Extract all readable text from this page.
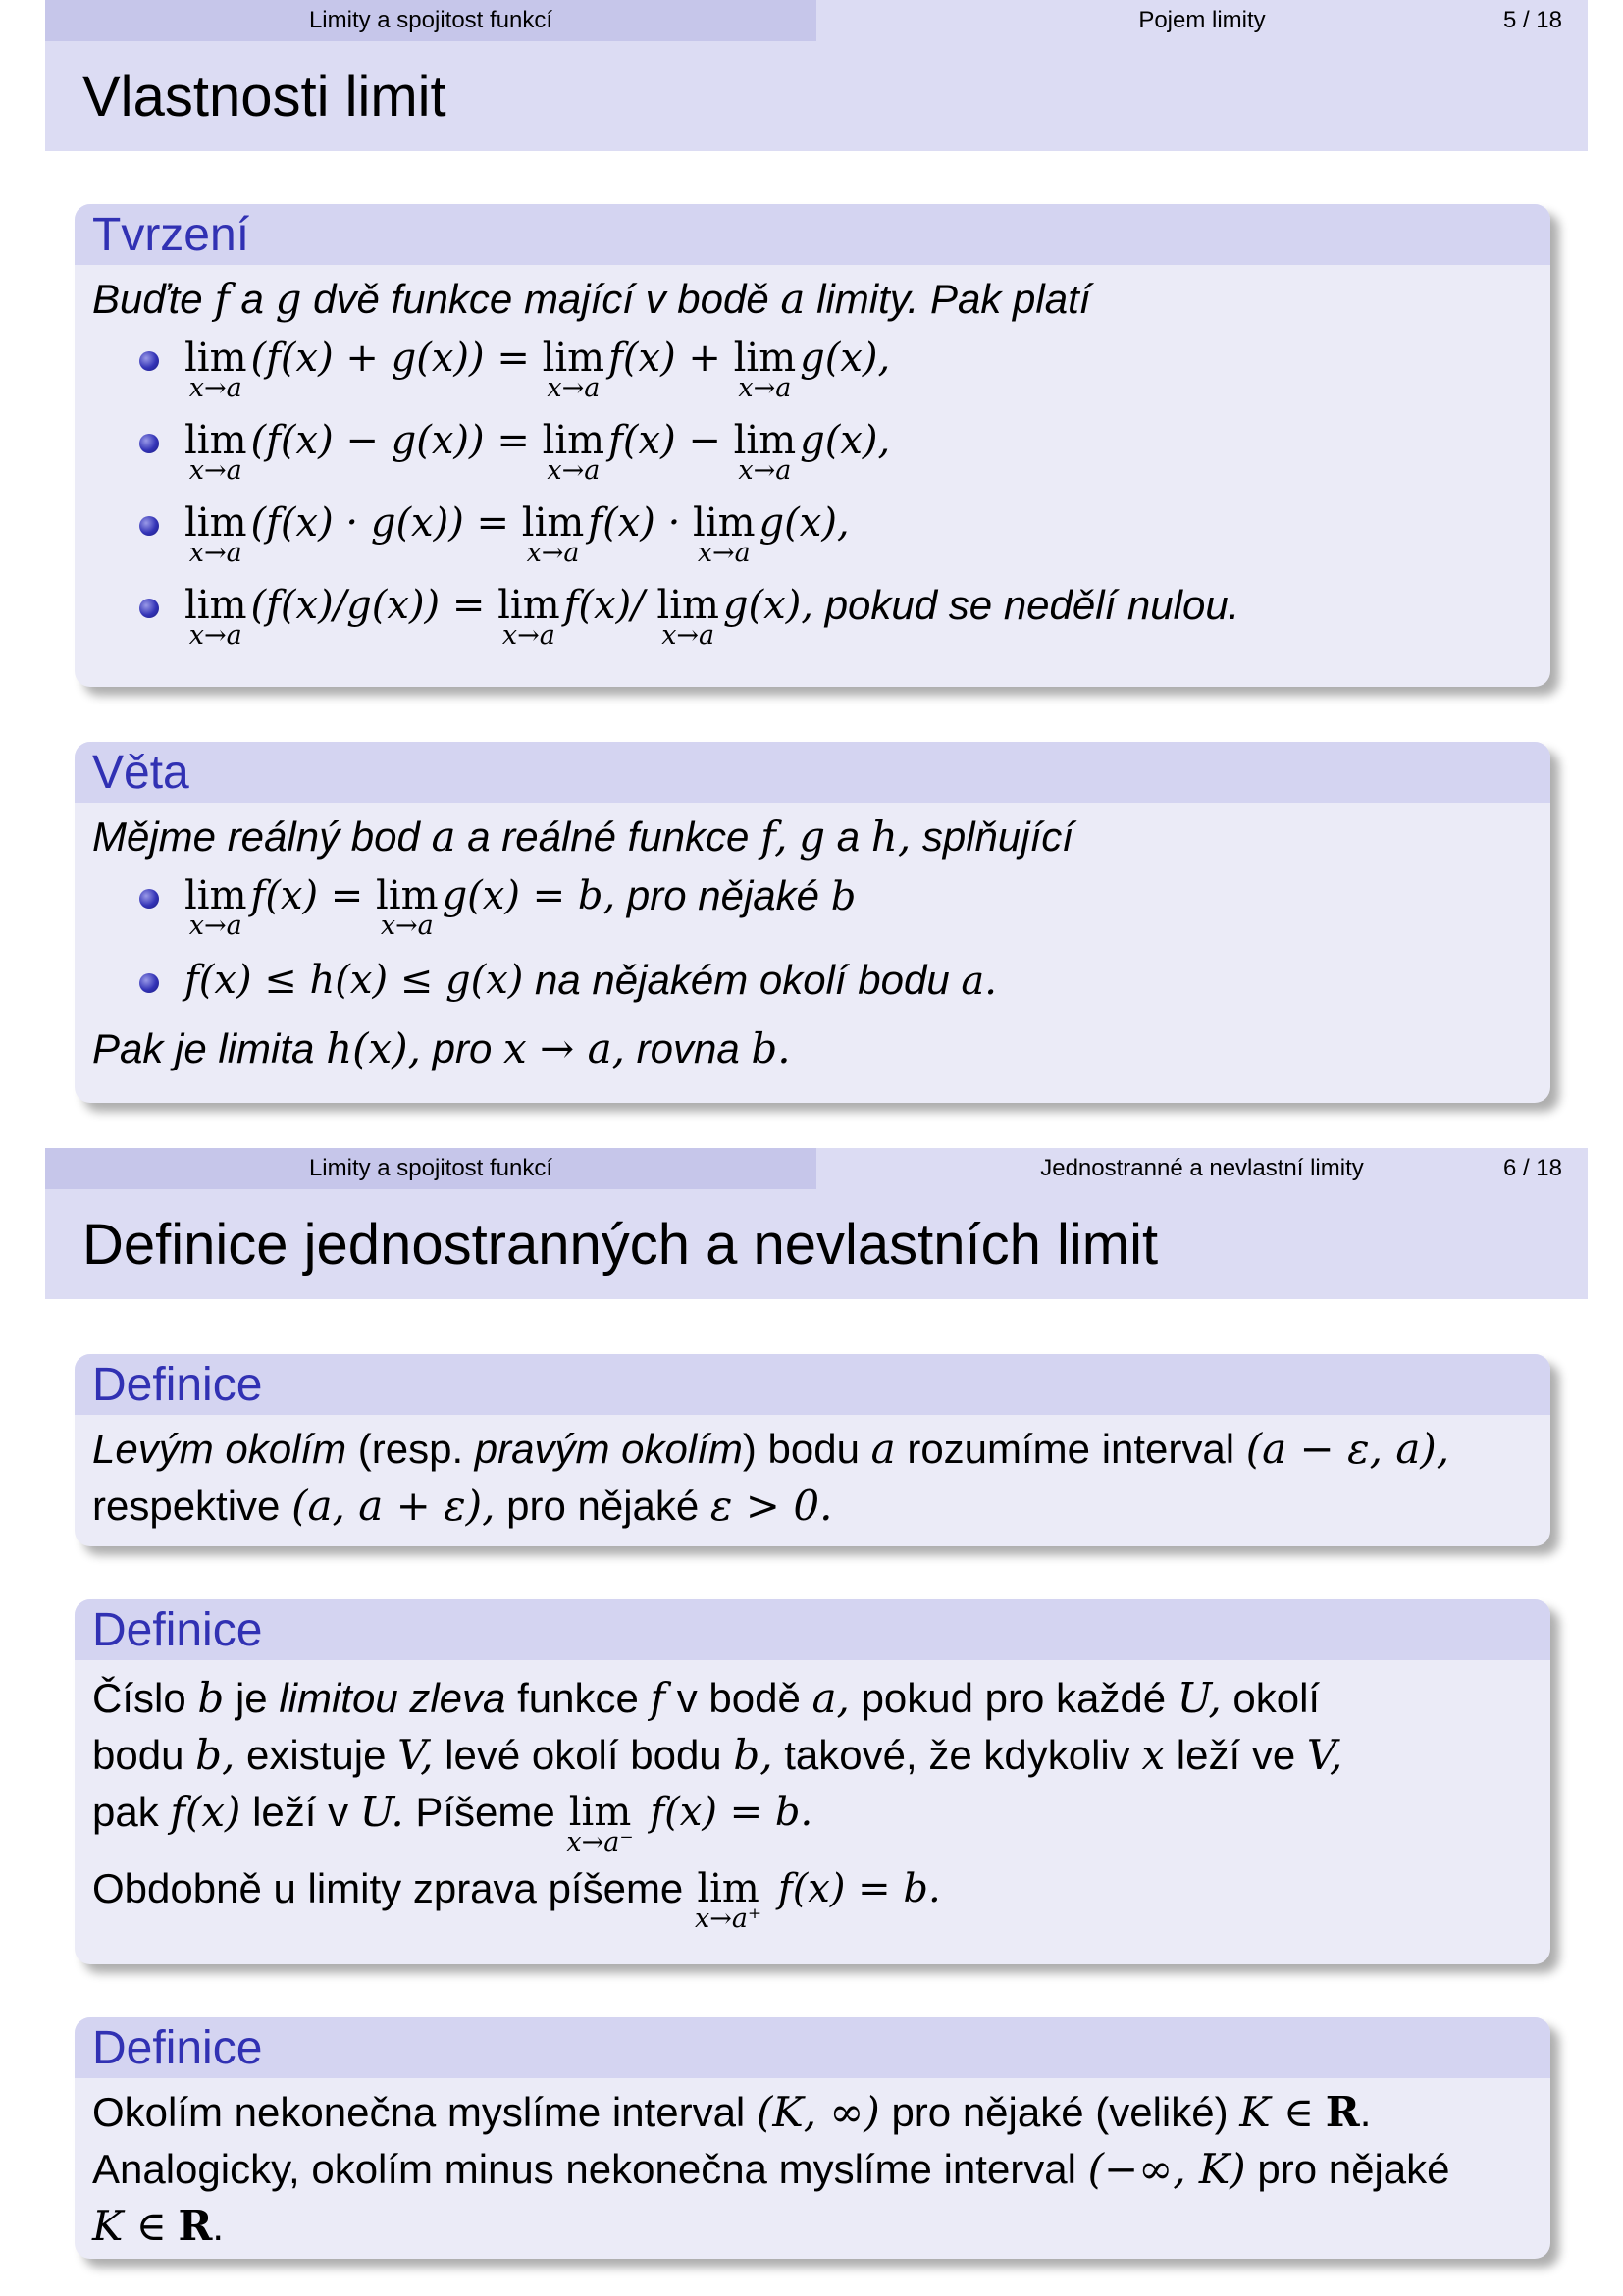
Limity a spojitost funkcí	Pojem limity	5 / 18
Vlastnosti limit
Tvrzení
Buďte f a g dvě funkce mající v bodě a limity. Pak platí
lim
x→a
(f(x) + g(x)) = lim
x→a
f(x) + lim
x→a
g(x),
lim
x→a
(f(x) − g(x)) = lim
x→a
f(x) − lim
x→a
g(x),
lim
x→a
(f(x) · g(x)) = lim
x→a
f(x) · lim
x→a
g(x),
lim
x→a
(f(x)/g(x)) = lim
x→a
f(x)/ lim
x→a
g(x), pokud se nedělí nulou.
Věta
Mějme reálný bod a a reálné funkce f, g a h, splňující
lim
x→a
f(x) = lim
x→a
g(x) = b, pro nějaké b
f(x) ≤ h(x) ≤ g(x) na nějakém okolí bodu a.
Pak je limita h(x), pro x → a, rovna b.
Limity a spojitost funkcí	Jednostranné a nevlastní limity	6 / 18
Definice jednostranných a nevlastních limit
Definice
Levým okolím (resp. pravým okolím) bodu a rozumíme interval (a − ε, a),
respektive (a, a + ε), pro nějaké ε > 0.
Definice
Číslo b je limitou zleva funkce f v bodě a, pokud pro každé U, okolí
bodu b, existuje V, levé okolí bodu b, takové, že kdykoliv x leží ve V,
pak f(x) leží v U. Píšeme lim
x→a⁻
f(x) = b.
Obdobně u limity zprava píšeme lim
x→a⁺
f(x) = b.
Definice
Okolím nekonečna myslíme interval (K, ∞) pro nějaké (veliké) K ∈ R.
Analogicky, okolím minus nekonečna myslíme interval (−∞, K) pro nějaké
K ∈ R.
